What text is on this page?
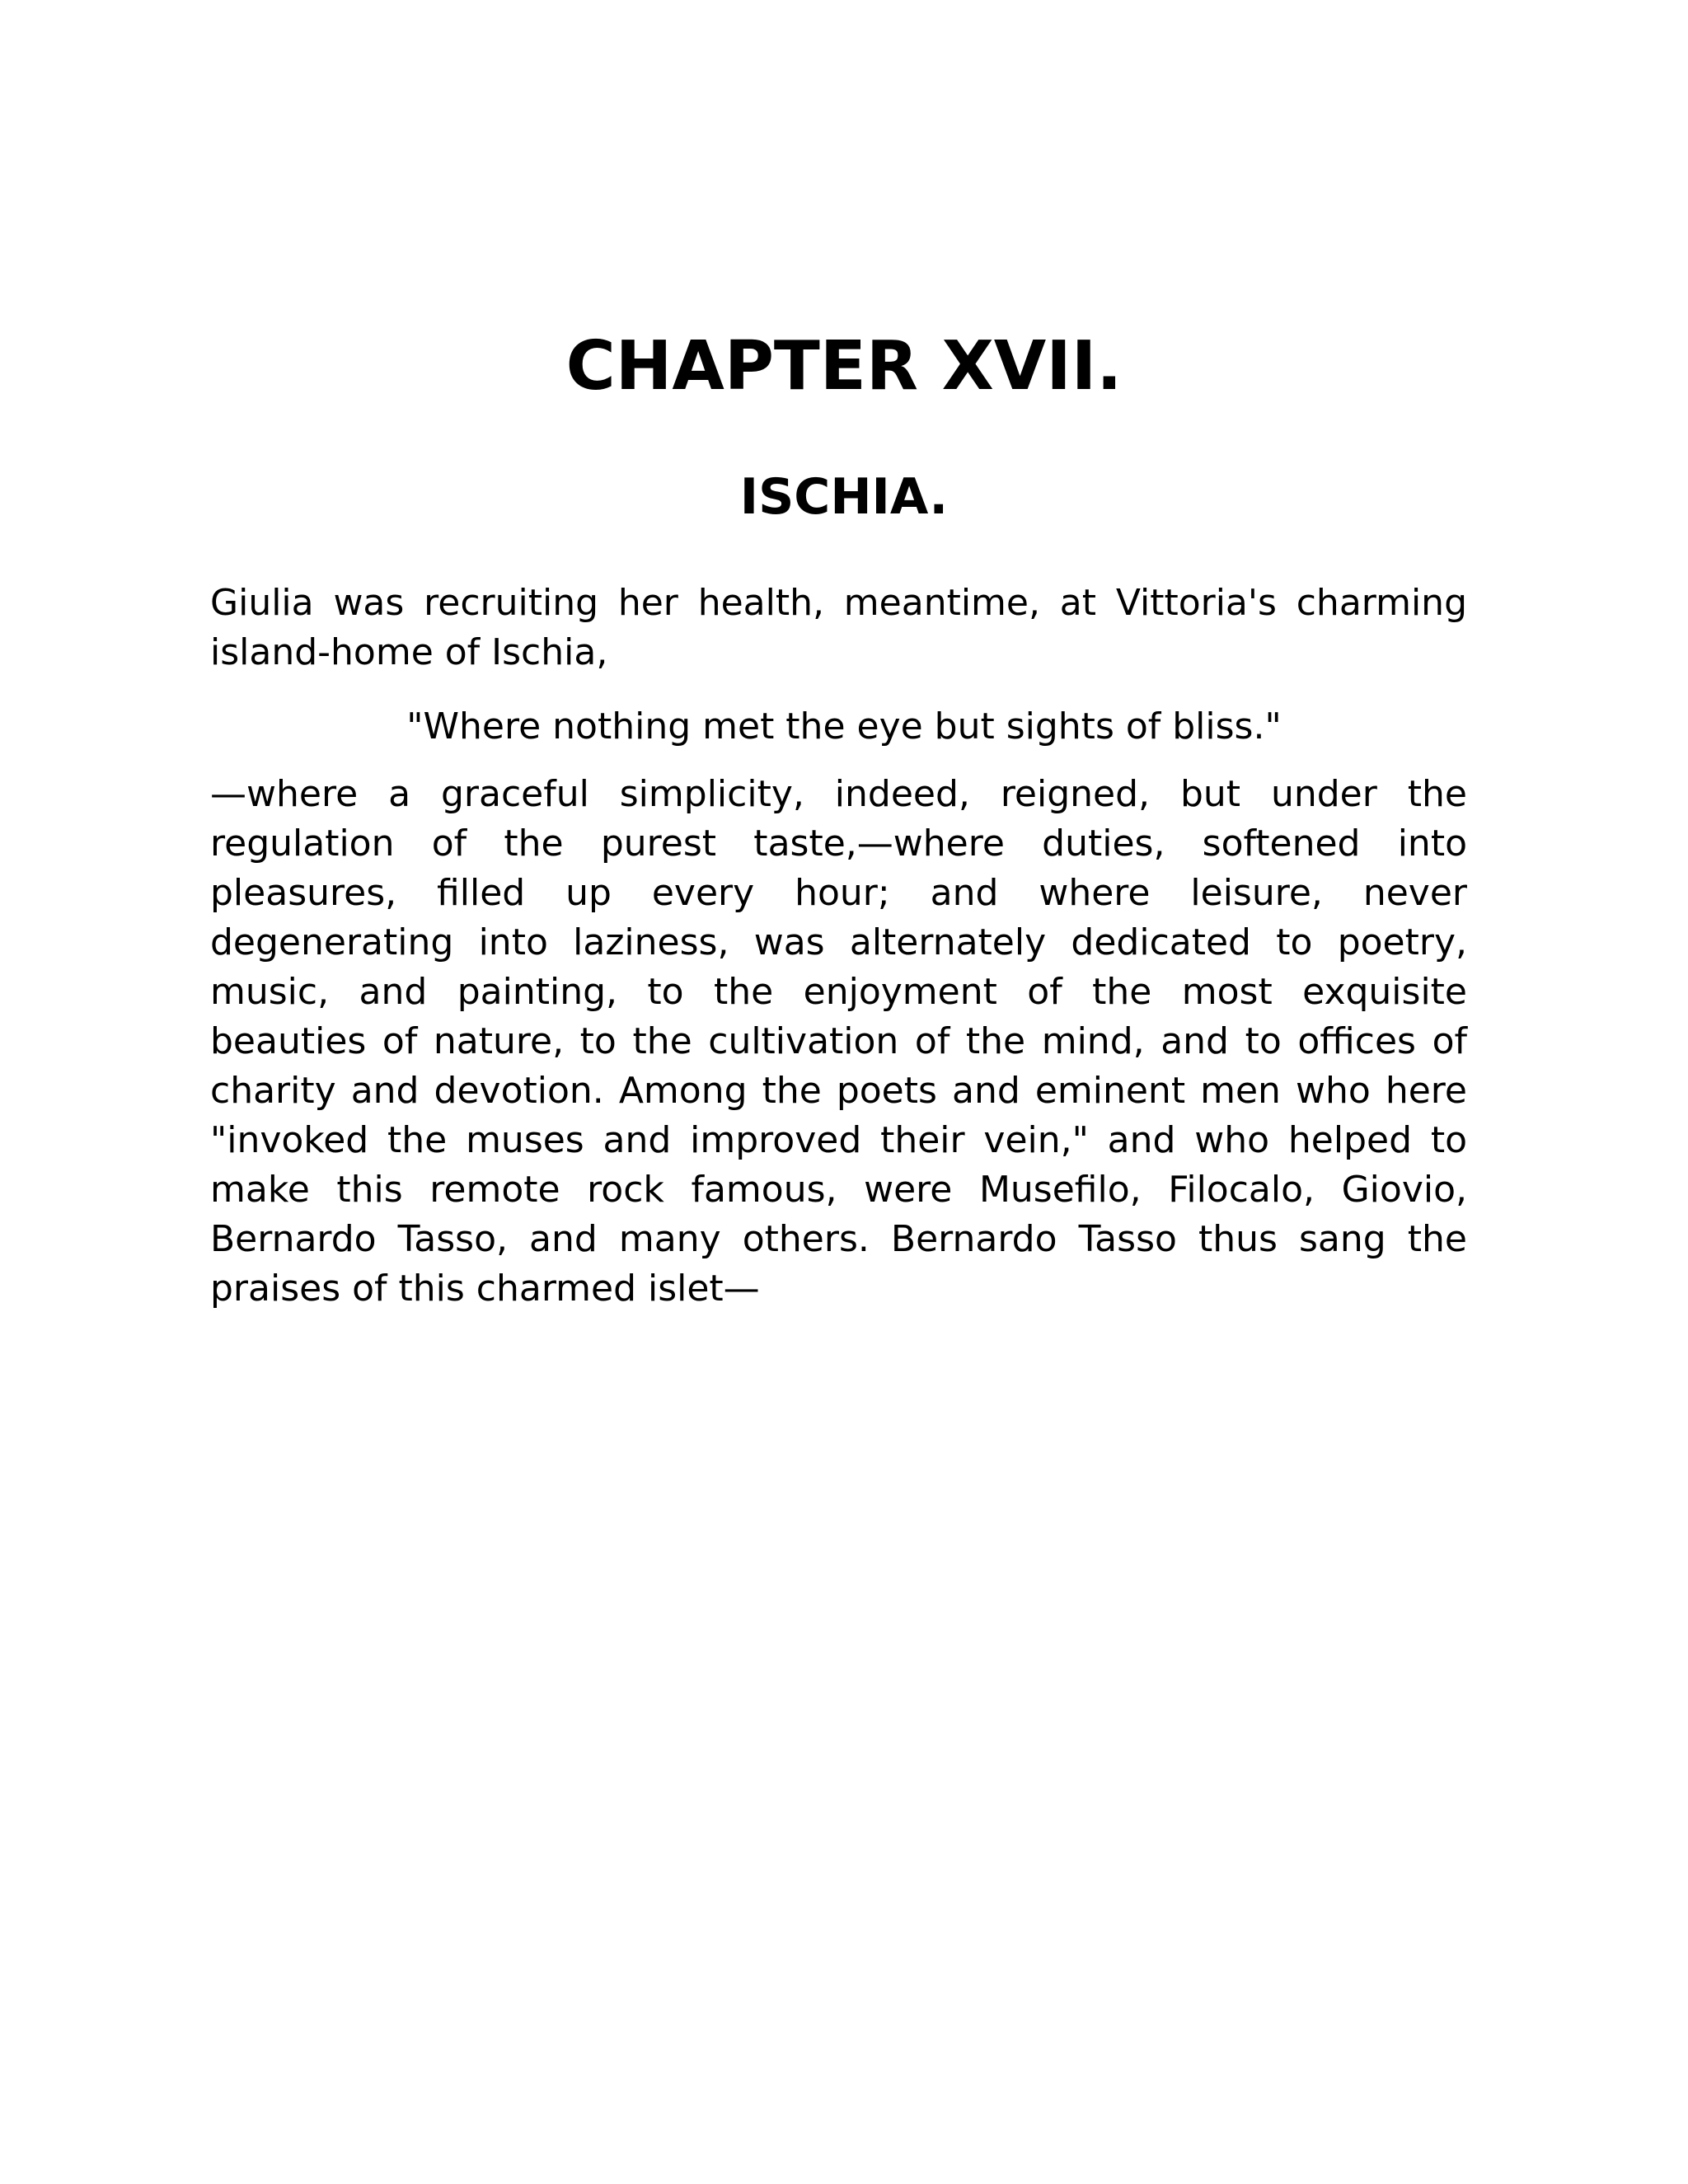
CHAPTER XVII.
ISCHIA.

Giulia was recruiting her health, meantime, at Vittoria's charming island-home of Ischia,

"Where nothing met the eye but sights of bliss."

—where a graceful simplicity, indeed, reigned, but under the regulation of the purest taste,—where duties, softened into pleasures, filled up every hour; and where leisure, never degenerating into laziness, was alternately dedicated to poetry, music, and painting, to the enjoyment of the most exquisite beauties of nature, to the cultivation of the mind, and to offices of charity and devotion. Among the poets and eminent men who here "invoked the muses and improved their vein," and who helped to make this remote rock famous, were Musefilo, Filocalo, Giovio, Bernardo Tasso, and many others. Bernardo Tasso thus sang the praises of this charmed islet—
